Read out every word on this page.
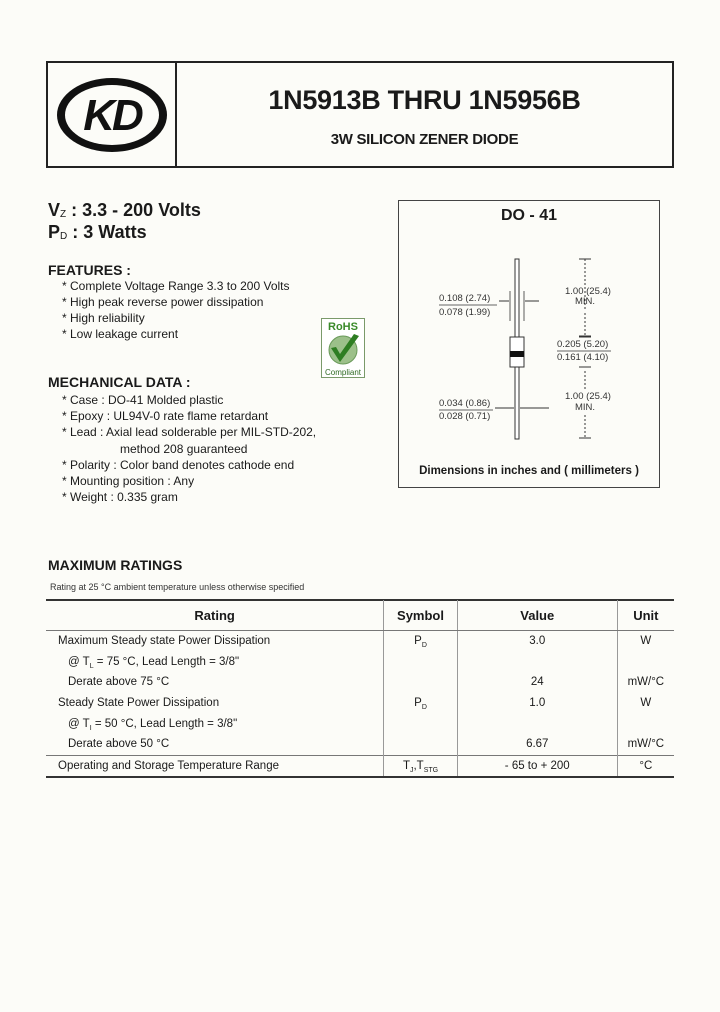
KD	1N5913B THRU 1N5956B
3W SILICON ZENER DIODE
$V_Z$ : 3.3 - 200 Volts
$P_D$ : 3 Watts
FEATURES :
* Complete Voltage Range 3.3 to 200 Volts
* High peak reverse power dissipation
* High reliability
* Low leakage current	RoHS
Compliant
MECHANICAL DATA :
* Case : DO-41 Molded plastic
* Epoxy : UL94V-0 rate flame retardant
* Lead : Axial lead solderable per MIL-STD-202,
method 208 guaranteed
* Polarity : Color band denotes cathode end
* Mounting position : Any
* Weight : 0.335 gram
DO - 41
1.00 (25.4)
MIN.
0.108 (2.74)
0.078 (1.99)
0.205 (5.20)
0.161 (4.10)
0.034 (0.86)
0.028 (0.71)
1.00 (25.4)
MIN.
Dimensions in inches and ( millimeters )
MAXIMUM RATINGS
Rating at 25 °C ambient temperature unless otherwise specified
Rating	Symbol	Value	Unit
Maximum Steady state Power Dissipation	$P_D$	3.0	W
@ $T_L = 75$ °C, Lead Length = 3/8"			
Derate above 75 °C		24	mW/°C
Steady State Power Dissipation	$P_D$	1.0	W
@ $T_I = 50$ °C, Lead Length = 3/8"			
Derate above 50 °C		6.67	mW/°C
Operating and Storage Temperature Range	$T_J,T_{STG}$	- 65 to + 200	°C
